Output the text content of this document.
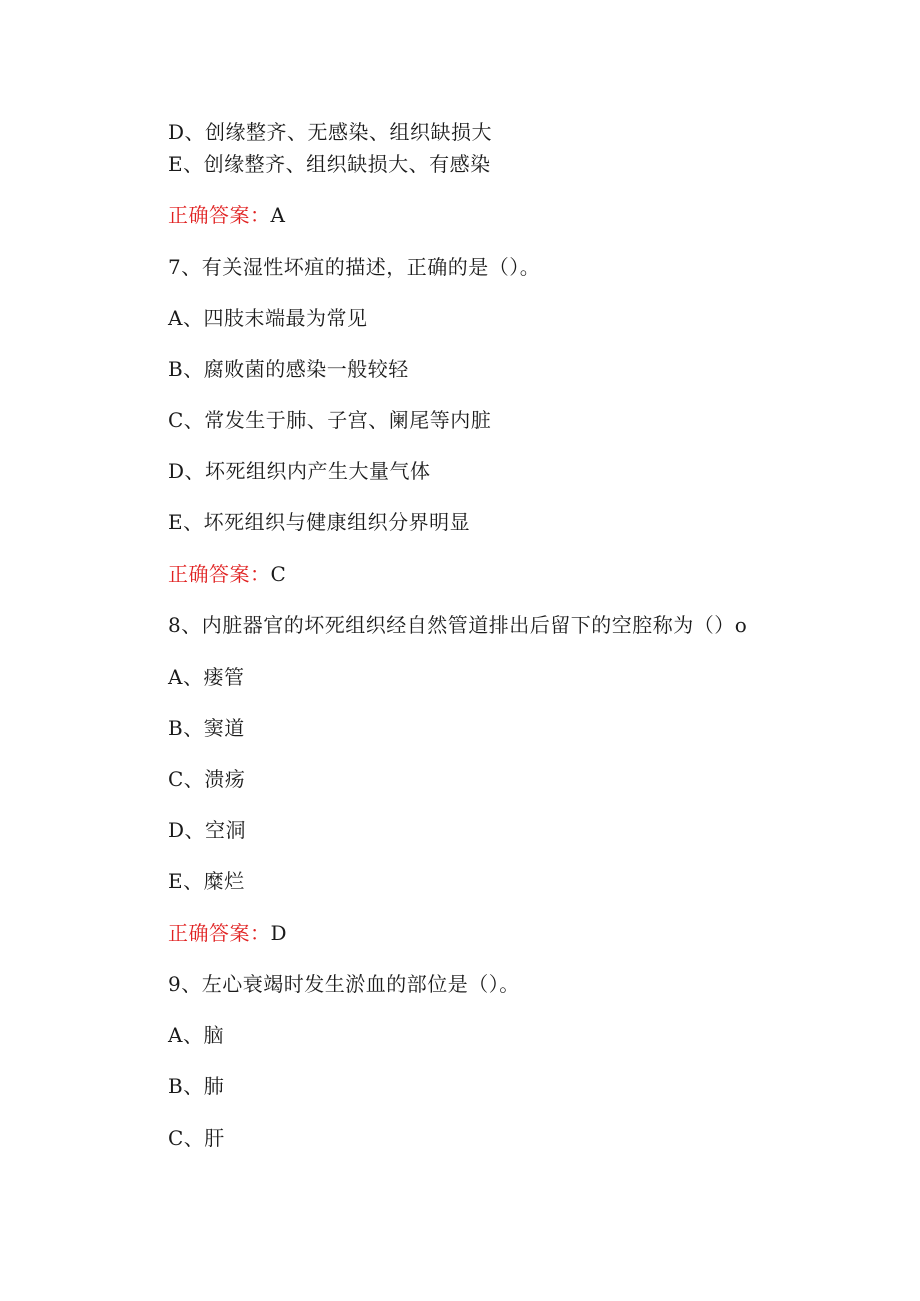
D、创缘整齐、无感染、组织缺损大
E、创缘整齐、组织缺损大、有感染
正确答案：A
7、有关湿性坏疽的描述，正确的是（）。
A、四肢末端最为常见
B、腐败菌的感染一般较轻
C、常发生于肺、子宫、阑尾等内脏
D、坏死组织内产生大量气体
E、坏死组织与健康组织分界明显
正确答案：C
8、内脏器官的坏死组织经自然管道排出后留下的空腔称为（）o
A、瘘管
B、窦道
C、溃疡
D、空洞
E、糜烂
正确答案：D
9、左心衰竭时发生淤血的部位是（）。
A、脑
B、肺
C、肝
